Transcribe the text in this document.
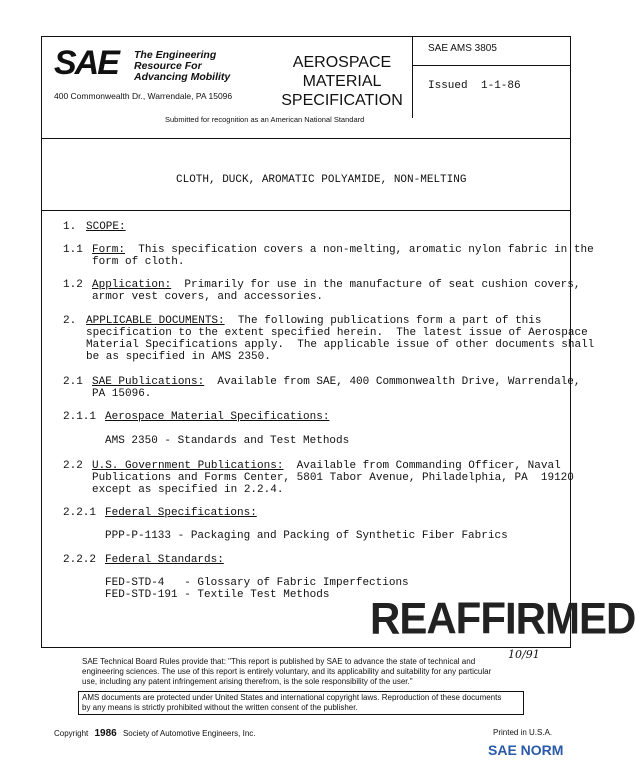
SAE The Engineering
Resource For
Advancing Mobility
400 Commonwealth Dr., Warrendale, PA 15096
AEROSPACE
MATERIAL
SPECIFICATION
SAE AMS 3805
Issued 1-1-86
Submitted for recognition as an American National Standard
CLOTH, DUCK, AROMATIC POLYAMIDE, NON-MELTING

1.

SCOPE:

1.1

Form:  This specification covers a non-melting, aromatic nylon fabric in the

form of cloth.

1.2

Application:  Primarily for use in the manufacture of seat cushion covers,

armor vest covers, and accessories.

2.

APPLICABLE DOCUMENTS:  The following publications form a part of this

specification to the extent specified herein.  The latest issue of Aerospace

Material Specifications apply.  The applicable issue of other documents shall

be as specified in AMS 2350.

2.1

SAE Publications:  Available from SAE, 400 Commonwealth Drive, Warrendale,

PA 15096.

2.1.1

Aerospace Material Specifications:

AMS 2350 - Standards and Test Methods

2.2

U.S. Government Publications:  Available from Commanding Officer, Naval

Publications and Forms Center, 5801 Tabor Avenue, Philadelphia, PA  19120

except as specified in 2.2.4.

2.2.1

Federal Specifications:

PPP-P-1133 - Packaging and Packing of Synthetic Fiber Fabrics

2.2.2

Federal Standards:

FED-STD-4   - Glossary of Fabric Imperfections

FED-STD-191 - Textile Test Methods REAFFIRMED
10/91
SAE Technical Board Rules provide that: "This report is published by SAE to advance the state of technical and
engineering sciences. The use of this report is entirely voluntary, and its applicability and suitability for any particular
use, including any patent infringement arising therefrom, is the sole responsibility of the user."
AMS documents are protected under United States and international copyright laws. Reproduction of these documents
by any means is strictly prohibited without the written consent of the publisher.
Copyright 1986 Society of Automotive Engineers, Inc.	Printed in U.S.A.
SAE NORM
